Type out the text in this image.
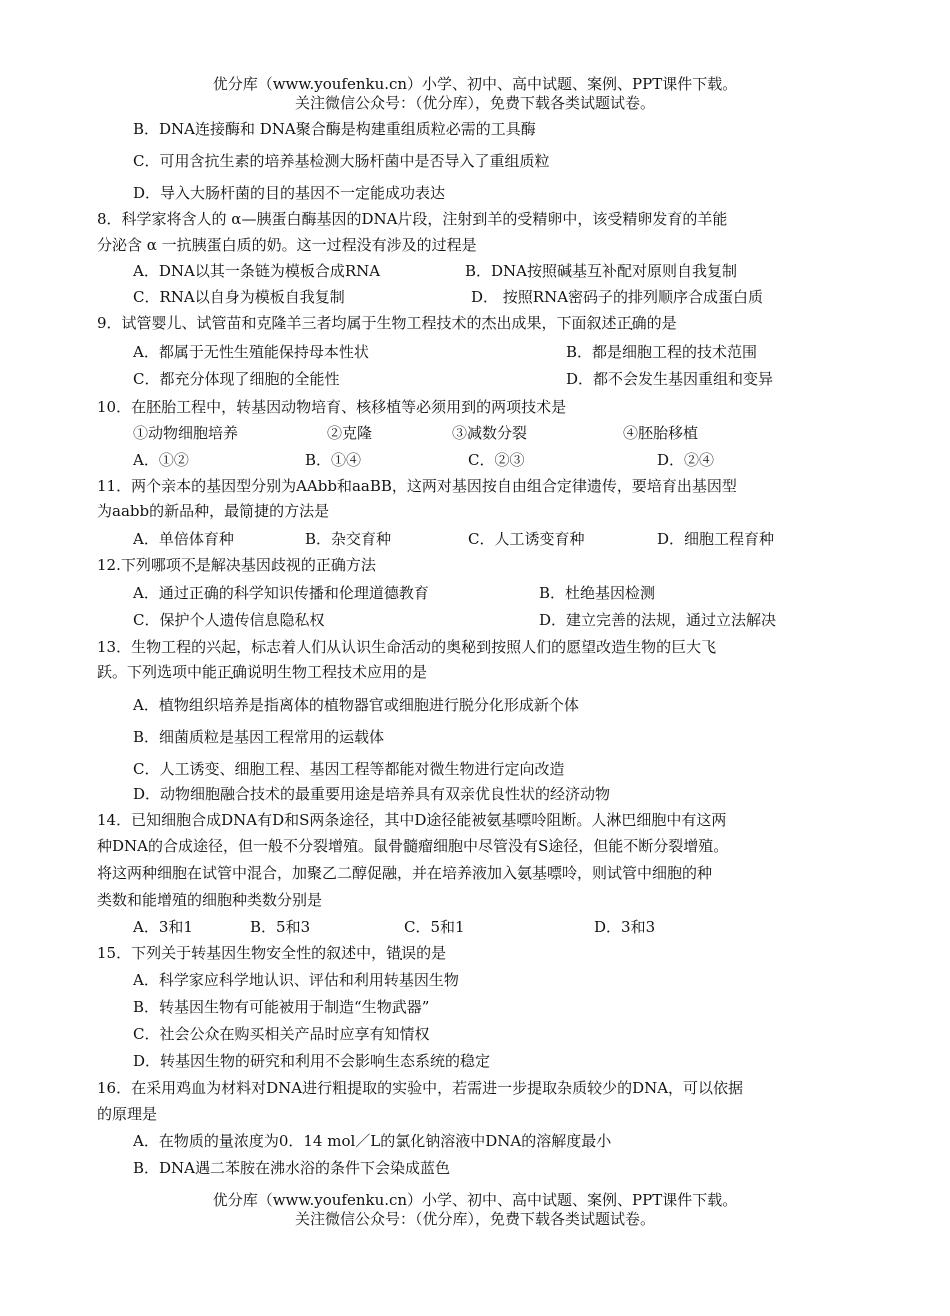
优分库（www.youfenku.cn）小学、初中、高中试题、案例、PPT课件下载。
关注微信公众号：（优分库），免费下载各类试题试卷。
B．DNA连接酶和 DNA聚合酶是构建重组质粒必需的工具酶
C．可用含抗生素的培养基检测大肠杆菌中是否导入了重组质粒
D．导入大肠杆菌的目的基因不一定能成功表达
8．科学家将含人的 α—胰蛋白酶基因的DNA片段，注射到羊的受精卵中，该受精卵发育的羊能
分泌含 α 一抗胰蛋白质的奶。这一过程没有涉及的过程是
A．DNA以其一条链为模板合成RNA	B．DNA按照碱基互补配对原则自我复制
C．RNA以自身为模板自我复制	D． 按照RNA密码子的排列顺序合成蛋白质
9．试管婴儿、试管苗和克隆羊三者均属于生物工程技术的杰出成果，下面叙述正确的是
A．都属于无性生殖能保持母本性状	B．都是细胞工程的技术范围
C．都充分体现了细胞的全能性	D．都不会发生基因重组和变异
10．在胚胎工程中，转基因动物培育、核移植等必须用到的两项技术是
①动物细胞培养	②克隆	③减数分裂	④胚胎移植
A．①②	B．①④	C．②③	D．②④
11．两个亲本的基因型分别为AAbb和aaBB，这两对基因按自由组合定律遗传，要培育出基因型
为aabb的新品种，最简捷的方法是
A．单倍体育种	B．杂交育种	C．人工诱变育种	D．细胞工程育种
12.下列哪项不是解决基因歧视的正确方法
A．通过正确的科学知识传播和伦理道德教育	B．杜绝基因检测
C．保护个人遗传信息隐私权	D．建立完善的法规，通过立法解决
13．生物工程的兴起，标志着人们从认识生命活动的奥秘到按照人们的愿望改造生物的巨大飞
跃。下列选项中能正确说明生物工程技术应用的是
A．植物组织培养是指离体的植物器官或细胞进行脱分化形成新个体
B．细菌质粒是基因工程常用的运载体
C．人工诱变、细胞工程、基因工程等都能对微生物进行定向改造
D．动物细胞融合技术的最重要用途是培养具有双亲优良性状的经济动物
14．已知细胞合成DNA有D和S两条途径，其中D途径能被氨基嘌呤阻断。人淋巴细胞中有这两
种DNA的合成途径，但一般不分裂增殖。鼠骨髓瘤细胞中尽管没有S途径，但能不断分裂增殖。
将这两种细胞在试管中混合，加聚乙二醇促融，并在培养液加入氨基嘌呤，则试管中细胞的种
类数和能增殖的细胞种类数分别是
A．3和1	B．5和3	C．5和1	D．3和3
15．下列关于转基因生物安全性的叙述中，错误的是
A．科学家应科学地认识、评估和利用转基因生物
B．转基因生物有可能被用于制造“生物武器”
C．社会公众在购买相关产品时应享有知情权
D．转基因生物的研究和利用不会影响生态系统的稳定
16．在采用鸡血为材料对DNA进行粗提取的实验中，若需进一步提取杂质较少的DNA，可以依据
的原理是
A．在物质的量浓度为0．14 mol／L的氯化钠溶液中DNA的溶解度最小
B．DNA遇二苯胺在沸水浴的条件下会染成蓝色
优分库（www.youfenku.cn）小学、初中、高中试题、案例、PPT课件下载。
关注微信公众号：（优分库），免费下载各类试题试卷。
